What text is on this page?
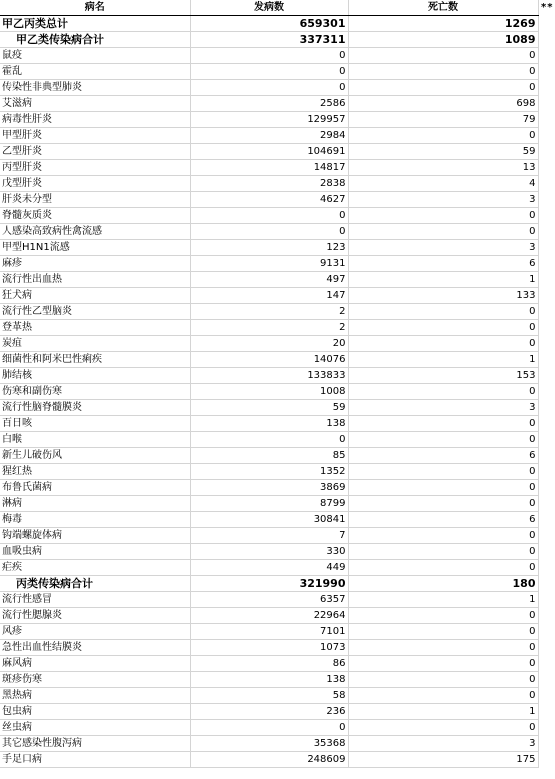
**
病名	发病数	死亡数
甲乙丙类总计	659301	1269
甲乙类传染病合计	337311	1089
鼠疫	0	0
霍乱	0	0
传染性非典型肺炎	0	0
艾滋病	2586	698
病毒性肝炎	129957	79
甲型肝炎	2984	0
乙型肝炎	104691	59
丙型肝炎	14817	13
戊型肝炎	2838	4
肝炎未分型	4627	3
脊髓灰质炎	0	0
人感染高致病性禽流感	0	0
甲型H1N1流感	123	3
麻疹	9131	6
流行性出血热	497	1
狂犬病	147	133
流行性乙型脑炎	2	0
登革热	2	0
炭疽	20	0
细菌性和阿米巴性痢疾	14076	1
肺结核	133833	153
伤寒和副伤寒	1008	0
流行性脑脊髓膜炎	59	3
百日咳	138	0
白喉	0	0
新生儿破伤风	85	6
猩红热	1352	0
布鲁氏菌病	3869	0
淋病	8799	0
梅毒	30841	6
钩端螺旋体病	7	0
血吸虫病	330	0
疟疾	449	0
丙类传染病合计	321990	180
流行性感冒	6357	1
流行性腮腺炎	22964	0
风疹	7101	0
急性出血性结膜炎	1073	0
麻风病	86	0
斑疹伤寒	138	0
黑热病	58	0
包虫病	236	1
丝虫病	0	0
其它感染性腹泻病	35368	3
手足口病	248609	175
